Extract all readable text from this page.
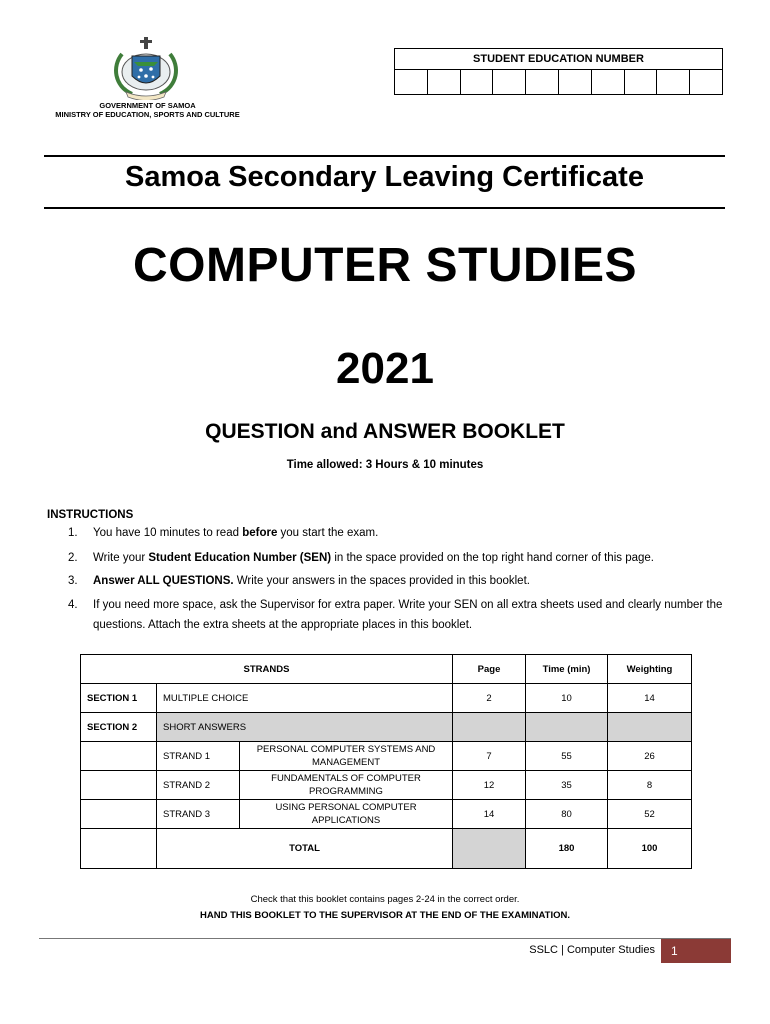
GOVERNMENT OF SAMOA
MINISTRY OF EDUCATION, SPORTS AND CULTURE
STUDENT EDUCATION NUMBER
Samoa Secondary Leaving Certificate
COMPUTER STUDIES
2021
QUESTION and ANSWER BOOKLET
Time allowed: 3 Hours & 10 minutes
INSTRUCTIONS
1.	You have 10 minutes to read before you start the exam.
2.	Write your Student Education Number (SEN) in the space provided on the top right hand corner of this page.
3.	Answer ALL QUESTIONS. Write your answers in the spaces provided in this booklet.
4.	If you need more space, ask the Supervisor for extra paper. Write your SEN on all extra sheets used and clearly number the questions. Attach the extra sheets at the appropriate places in this booklet.
STRANDS			Page	Time (min)	Weighting
SECTION 1	MULTIPLE CHOICE		2	10	14
SECTION 2	SHORT ANSWERS				
	STRAND 1	PERSONAL COMPUTER SYSTEMS AND MANAGEMENT	7	55	26
	STRAND 2	FUNDAMENTALS OF COMPUTER PROGRAMMING	12	35	8
	STRAND 3	USING PERSONAL COMPUTER APPLICATIONS	14	80	52
	TOTAL			180	100
Check that this booklet contains pages 2-24 in the correct order.
HAND THIS BOOKLET TO THE SUPERVISOR AT THE END OF THE EXAMINATION.
SSLC | Computer Studies	1
